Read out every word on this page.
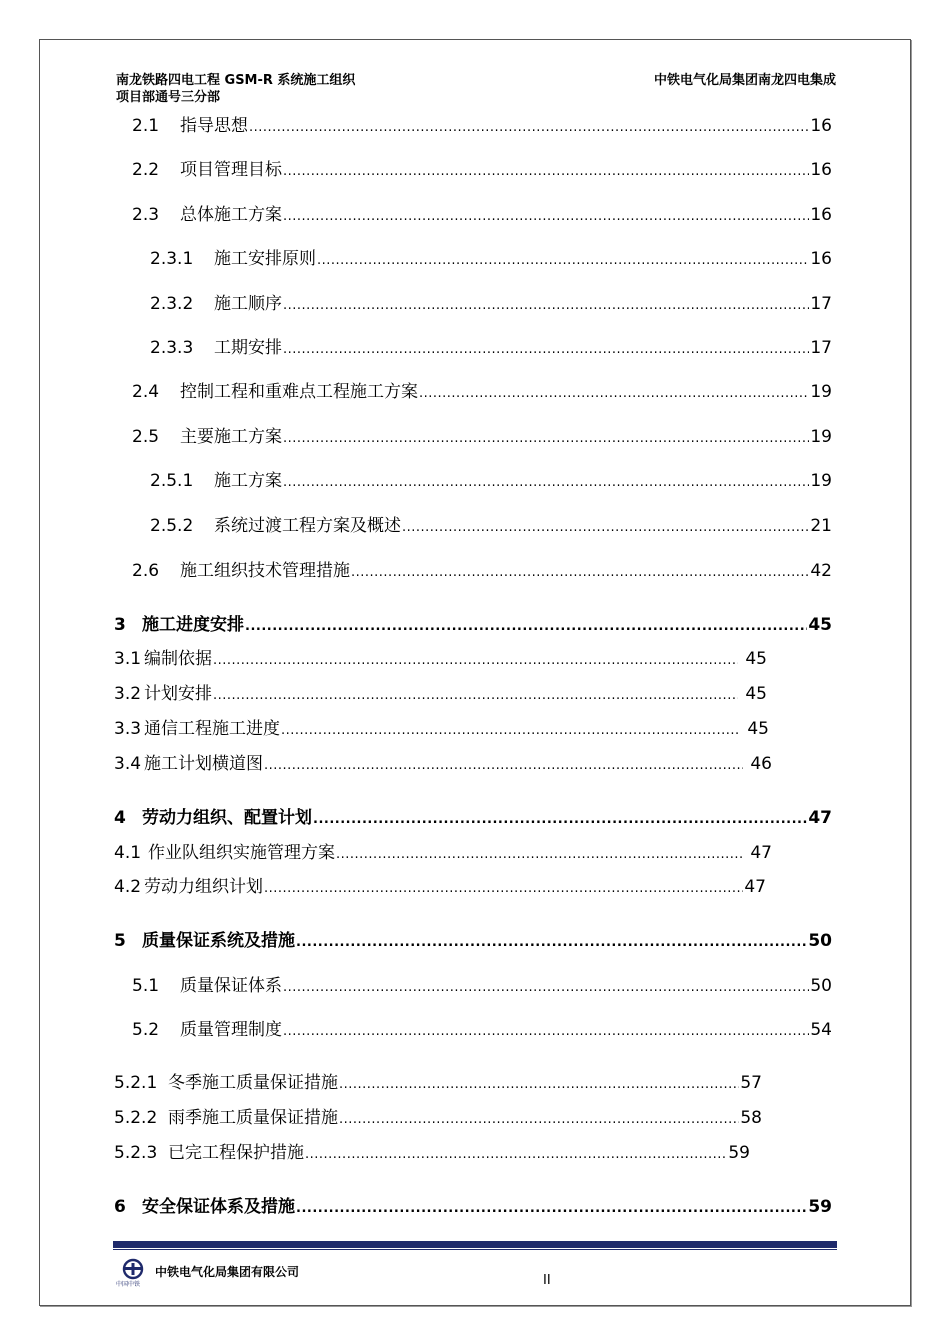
南龙铁路四电工程 GSM-R 系统施工组织
项目部通号三分部
中铁电气化局集团南龙四电集成
2.1	指导思想 .....	16
2.2	项目管理目标 .....	16
2.3	总体施工方案 .....	16
2.3.1	施工安排原则 .....	16
2.3.2	施工顺序 .....	17
2.3.3	工期安排 .....	17
2.4	控制工程和重难点工程施工方案 .....	19
2.5	主要施工方案 .....	19
2.5.1	施工方案 .....	19
2.5.2	系统过渡工程方案及概述 .....	21
2.6	施工组织技术管理措施 .....	42
3 施工进度安排 .....	45
3.1 编制依据 .....	45
3.2 计划安排 .....	45
3.3 通信工程施工进度 .....	45
3.4 施工计划横道图 .....	46
4 劳动力组织、配置计划 .....	47
4.1 作业队组织实施管理方案 .....	47
4.2 劳动力组织计划 .....	47
5 质量保证系统及措施 .....	50
5.1	质量保证体系 .....	50
5.2	质量管理制度 .....	54
5.2.1 冬季施工质量保证措施 .....	57
5.2.2 雨季施工质量保证措施 .....	58
5.2.3 已完工程保护措施 .....	59
6 安全保证体系及措施 .....	59
中国中铁
中铁电气化局集团有限公司
II
